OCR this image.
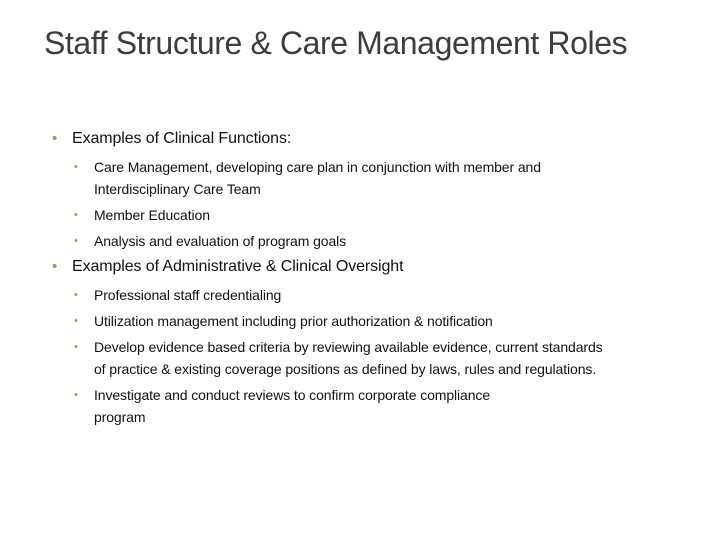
Staff Structure & Care Management Roles
• Examples of Clinical Functions:
• Care Management, developing care plan in conjunction with member and Interdisciplinary Care Team
• Member Education
• Analysis and evaluation of program goals
• Examples of Administrative & Clinical Oversight
• Professional staff credentialing
• Utilization management including prior authorization & notification
• Develop evidence based criteria by reviewing available evidence, current standards of practice & existing coverage positions as defined by laws, rules and regulations.
• Investigate and conduct reviews to confirm corporate compliance program
